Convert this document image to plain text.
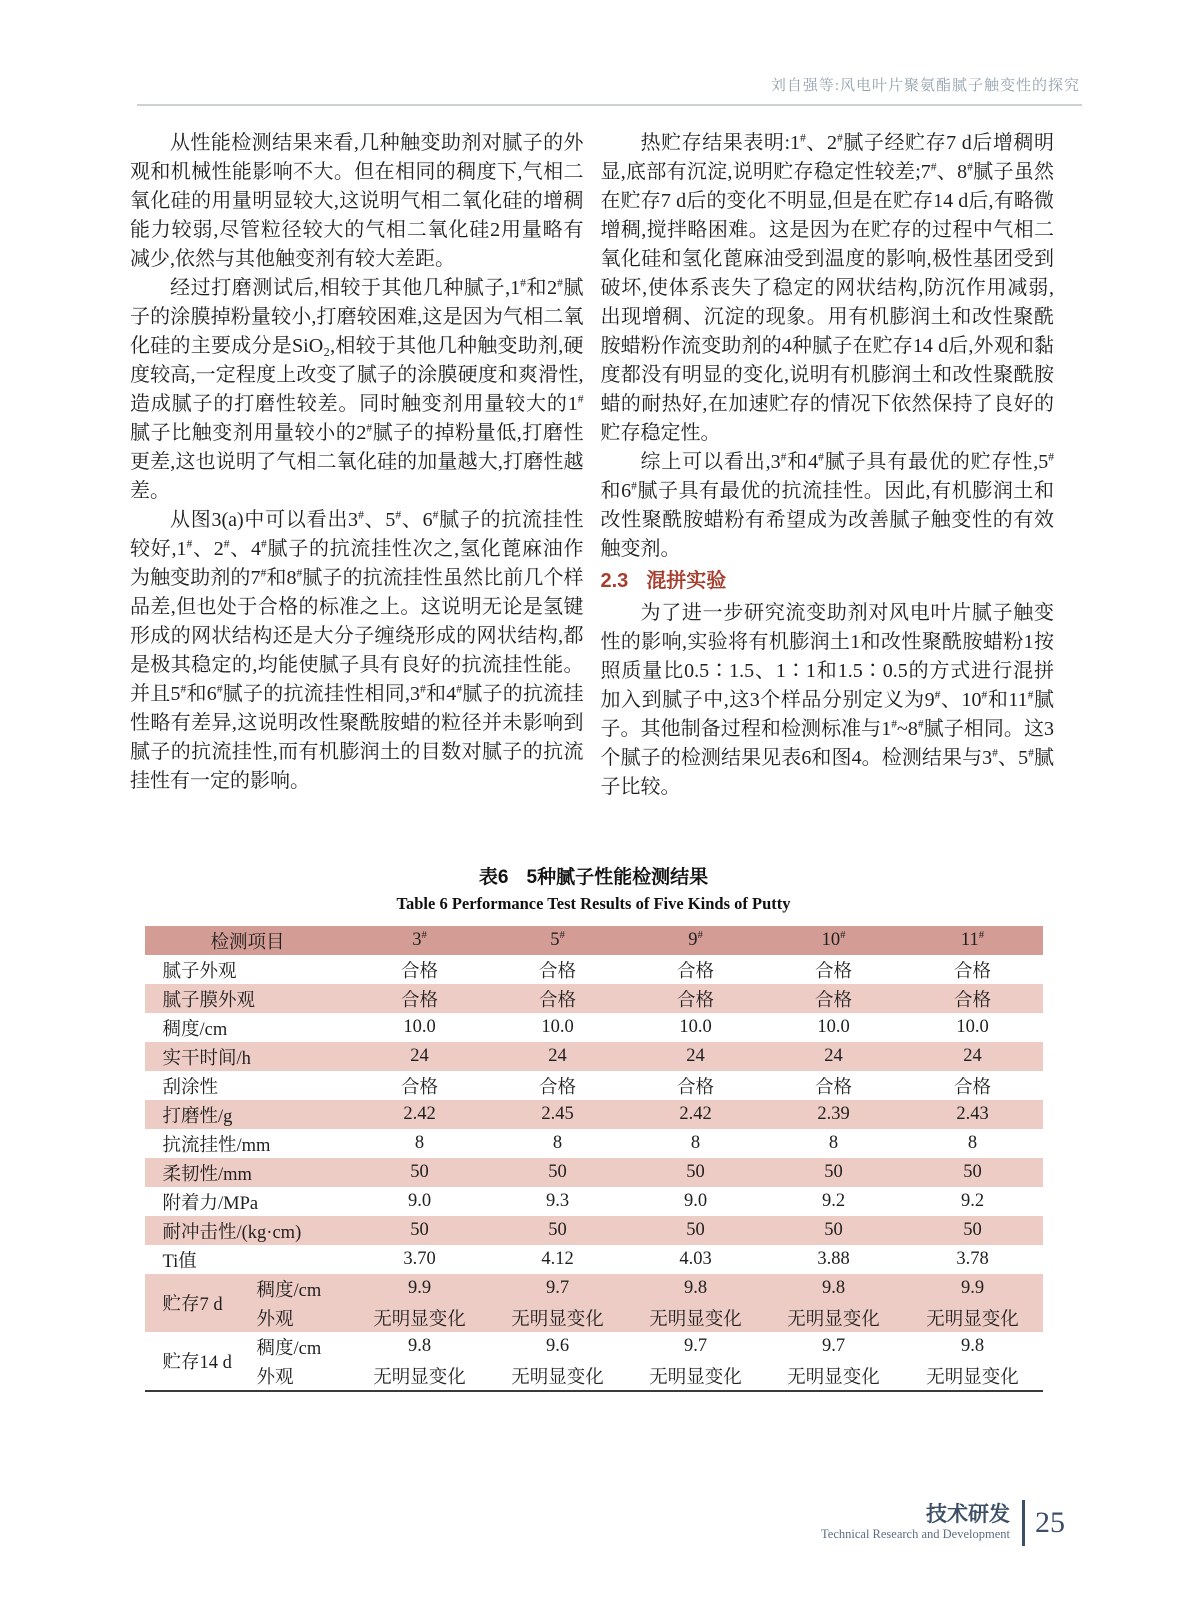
刘自强等:风电叶片聚氨酯腻子触变性的探究

从性能检测结果来看,几种触变助剂对腻子的外观和机械性能影响不大。但在相同的稠度下,气相二氧化硅的用量明显较大,这说明气相二氧化硅的增稠能力较弱,尽管粒径较大的气相二氧化硅2用量略有减少,依然与其他触变剂有较大差距。

经过打磨测试后,相较于其他几种腻子,1#和2#腻子的涂膜掉粉量较小,打磨较困难,这是因为气相二氧化硅的主要成分是SiO₂,相较于其他几种触变助剂,硬度较高,一定程度上改变了腻子的涂膜硬度和爽滑性,造成腻子的打磨性较差。同时触变剂用量较大的1#腻子比触变剂用量较小的2#腻子的掉粉量低,打磨性更差,这也说明了气相二氧化硅的加量越大,打磨性越差。

从图3(a)中可以看出3#、5#、6#腻子的抗流挂性较好,1#、2#、4#腻子的抗流挂性次之,氢化蓖麻油作为触变助剂的7#和8#腻子的抗流挂性虽然比前几个样品差,但也处于合格的标准之上。这说明无论是氢键形成的网状结构还是大分子缠绕形成的网状结构,都是极其稳定的,均能使腻子具有良好的抗流挂性能。并且5#和6#腻子的抗流挂性相同,3#和4#腻子的抗流挂性略有差异,这说明改性聚酰胺蜡的粒径并未影响到腻子的抗流挂性,而有机膨润土的目数对腻子的抗流挂性有一定的影响。

热贮存结果表明:1#、2#腻子经贮存7 d后增稠明显,底部有沉淀,说明贮存稳定性较差;7#、8#腻子虽然在贮存7 d后的变化不明显,但是在贮存14 d后,有略微增稠,搅拌略困难。这是因为在贮存的过程中气相二氧化硅和氢化蓖麻油受到温度的影响,极性基团受到破坏,使体系丧失了稳定的网状结构,防沉作用减弱,出现增稠、沉淀的现象。用有机膨润土和改性聚酰胺蜡粉作流变助剂的4种腻子在贮存14 d后,外观和黏度都没有明显的变化,说明有机膨润土和改性聚酰胺蜡的耐热好,在加速贮存的情况下依然保持了良好的贮存稳定性。

综上可以看出,3#和4#腻子具有最优的贮存性,5#和6#腻子具有最优的抗流挂性。因此,有机膨润土和改性聚酰胺蜡粉有希望成为改善腻子触变性的有效触变剂。

2.3 混拼实验

为了进一步研究流变助剂对风电叶片腻子触变性的影响,实验将有机膨润土1和改性聚酰胺蜡粉1按照质量比0.5∶1.5、1∶1和1.5∶0.5的方式进行混拼加入到腻子中,这3个样品分别定义为9#、10#和11#腻子。其他制备过程和检测标准与1#~8#腻子相同。这3个腻子的检测结果见表6和图4。检测结果与3#、5#腻子比较。

表6 5种腻子性能检测结果
Table 6 Performance Test Results of Five Kinds of Putty
检测项目		3#	5#	9#	10#	11#
腻子外观		合格	合格	合格	合格	合格
腻子膜外观		合格	合格	合格	合格	合格
稠度/cm		10.0	10.0	10.0	10.0	10.0
实干时间/h		24	24	24	24	24
刮涂性		合格	合格	合格	合格	合格
打磨性/g		2.42	2.45	2.42	2.39	2.43
抗流挂性/mm		8	8	8	8	8
柔韧性/mm		50	50	50	50	50
附着力/MPa		9.0	9.3	9.0	9.2	9.2
耐冲击性/(kg·cm)		50	50	50	50	50
Ti值		3.70	4.12	4.03	3.88	3.78
贮存7 d	稠度/cm	9.9	9.7	9.8	9.8	9.9
	外观	无明显变化	无明显变化	无明显变化	无明显变化	无明显变化
贮存14 d	稠度/cm	9.8	9.6	9.7	9.7	9.8
	外观	无明显变化	无明显变化	无明显变化	无明显变化	无明显变化
技术研发
Technical Research and Development 25
